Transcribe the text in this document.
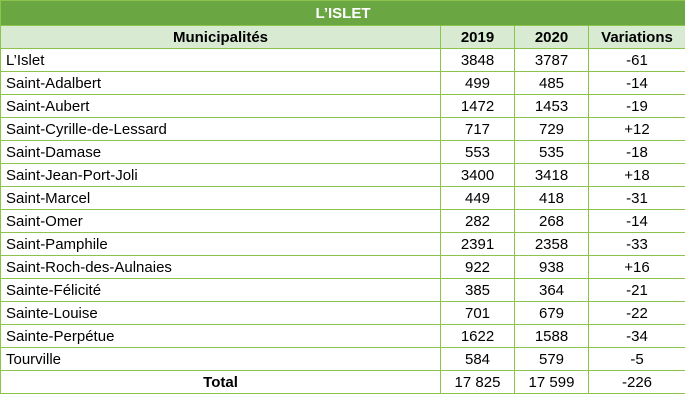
L’ISLET			
Municipalités	2019	2020	Variations
L’Islet	3848	3787	-61
Saint-Adalbert	499	485	-14
Saint-Aubert	1472	1453	-19
Saint-Cyrille-de-Lessard	717	729	+12
Saint-Damase	553	535	-18
Saint-Jean-Port-Joli	3400	3418	+18
Saint-Marcel	449	418	-31
Saint-Omer	282	268	-14
Saint-Pamphile	2391	2358	-33
Saint-Roch-des-Aulnaies	922	938	+16
Sainte-Félicité	385	364	-21
Sainte-Louise	701	679	-22
Sainte-Perpétue	1622	1588	-34
Tourville	584	579	-5
Total	17 825	17 599	-226
